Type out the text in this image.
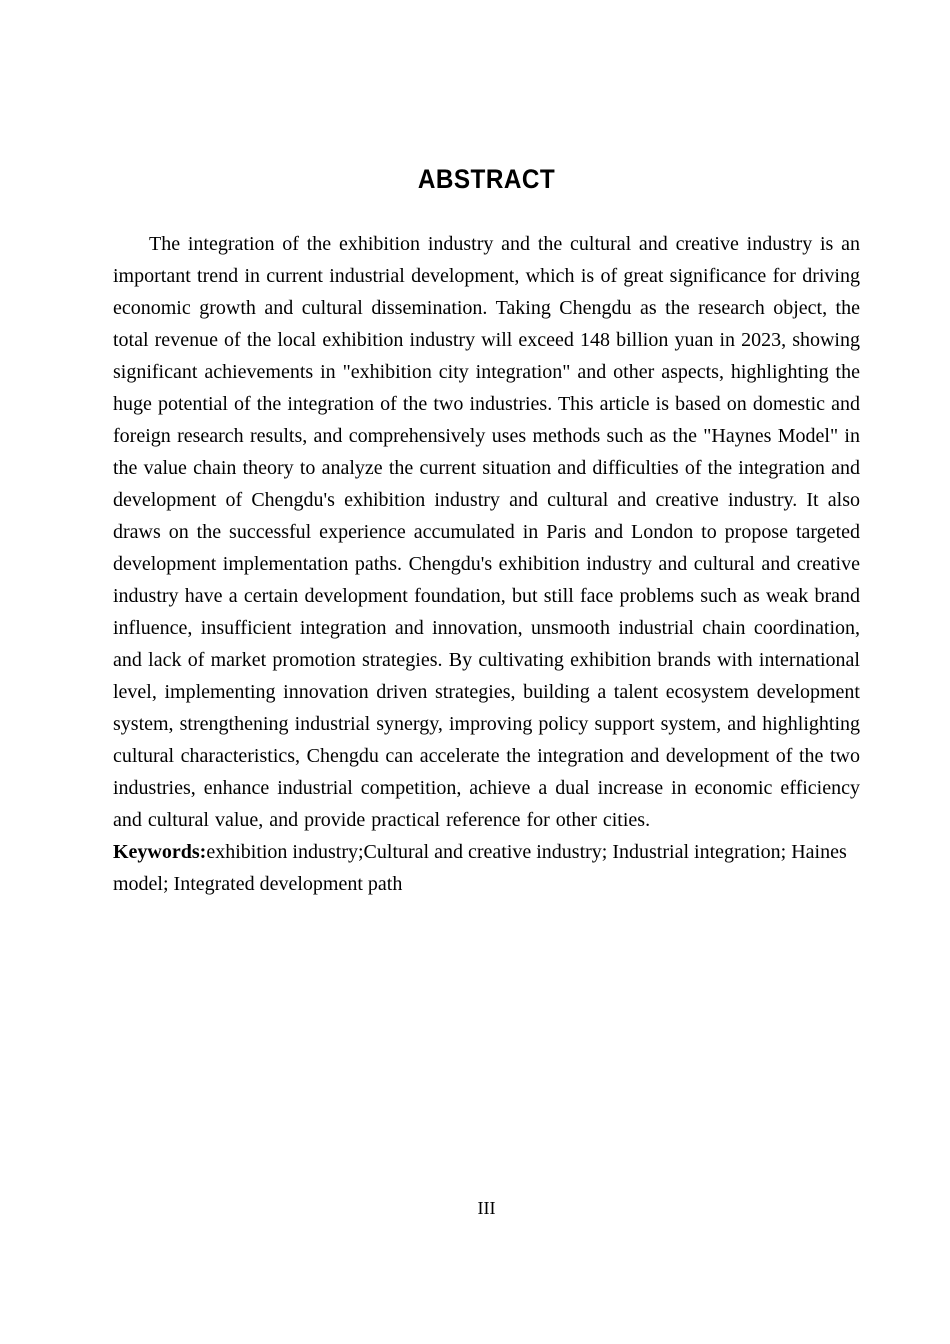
ABSTRACT

The integration of the exhibition industry and the cultural and creative industry is an important trend in current industrial development, which is of great significance for driving economic growth and cultural dissemination. Taking Chengdu as the research object, the total revenue of the local exhibition industry will exceed 148 billion yuan in 2023, showing significant achievements in "exhibition city integration" and other aspects, highlighting the huge potential of the integration of the two industries. This article is based on domestic and foreign research results, and comprehensively uses methods such as the "Haynes Model" in the value chain theory to analyze the current situation and difficulties of the integration and development of Chengdu's exhibition industry and cultural and creative industry. It also draws on the successful experience accumulated in Paris and London to propose targeted development implementation paths. Chengdu's exhibition industry and cultural and creative industry have a certain development foundation, but still face problems such as weak brand influence, insufficient integration and innovation, unsmooth industrial chain coordination, and lack of market promotion strategies. By cultivating exhibition brands with international level, implementing innovation driven strategies, building a talent ecosystem development system, strengthening industrial synergy, improving policy support system, and highlighting cultural characteristics, Chengdu can accelerate the integration and development of the two industries, enhance industrial competition, achieve a dual increase in economic efficiency and cultural value, and provide practical reference for other cities.

Keywords:exhibition industry;Cultural and creative industry; Industrial integration; Haines model; Integrated development path

III
